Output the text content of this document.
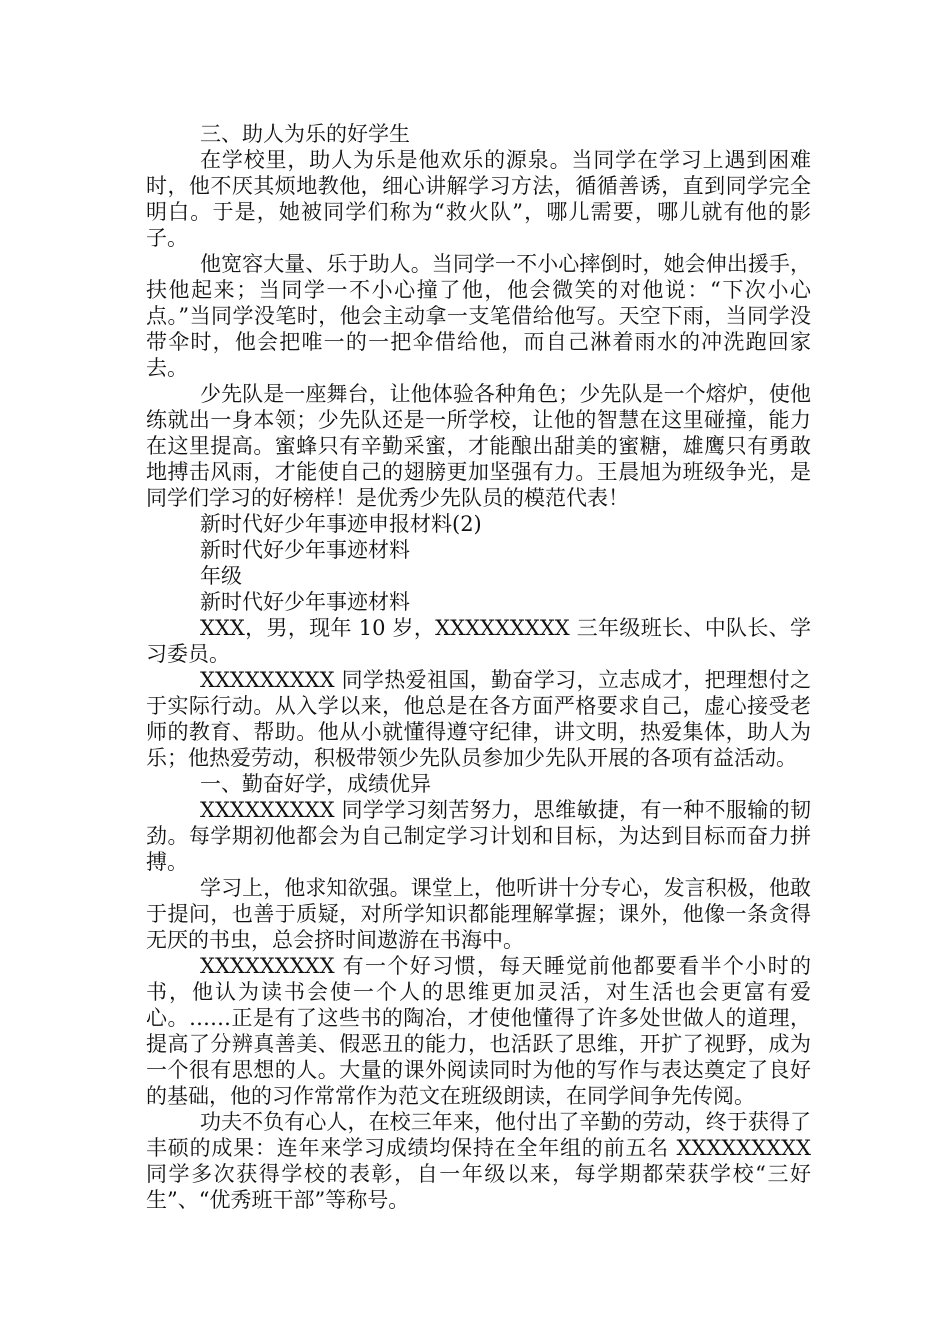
三、助人为乐的好学生

在学校里，助人为乐是他欢乐的源泉。当同学在学习上遇到困难时，他不厌其烦地教他，细心讲解学习方法，循循善诱，直到同学完全明白。于是，她被同学们称为“救火队”，哪儿需要，哪儿就有他的影子。

他宽容大量、乐于助人。当同学一不小心摔倒时，她会伸出援手，扶他起来；当同学一不小心撞了他，他会微笑的对他说：“下次小心点。”当同学没笔时，他会主动拿一支笔借给他写。天空下雨，当同学没带伞时，他会把唯一的一把伞借给他，而自己淋着雨水的冲洗跑回家去。

少先队是一座舞台，让他体验各种角色；少先队是一个熔炉，使他练就出一身本领；少先队还是一所学校，让他的智慧在这里碰撞，能力在这里提高。蜜蜂只有辛勤采蜜，才能酿出甜美的蜜糖，雄鹰只有勇敢地搏击风雨，才能使自己的翅膀更加坚强有力。王晨旭为班级争光，是同学们学习的好榜样！是优秀少先队员的模范代表！

新时代好少年事迹申报材料(2)

新时代好少年事迹材料

年级

新时代好少年事迹材料

XXX，男，现年 10 岁，XXXXXXXXX 三年级班长、中队长、学习委员。

XXXXXXXXX 同学热爱祖国，勤奋学习，立志成才，把理想付之于实际行动。从入学以来，他总是在各方面严格要求自己，虚心接受老师的教育、帮助。他从小就懂得遵守纪律，讲文明，热爱集体，助人为乐；他热爱劳动，积极带领少先队员参加少先队开展的各项有益活动。

一、勤奋好学，成绩优异

XXXXXXXXX 同学学习刻苦努力，思维敏捷，有一种不服输的韧劲。每学期初他都会为自己制定学习计划和目标，为达到目标而奋力拼搏。

学习上，他求知欲强。课堂上，他听讲十分专心，发言积极，他敢于提问，也善于质疑，对所学知识都能理解掌握；课外，他像一条贪得无厌的书虫，总会挤时间遨游在书海中。

XXXXXXXXX 有一个好习惯，每天睡觉前他都要看半个小时的书，他认为读书会使一个人的思维更加灵活，对生活也会更富有爱心。……正是有了这些书的陶冶，才使他懂得了许多处世做人的道理，提高了分辨真善美、假恶丑的能力，也活跃了思维，开扩了视野，成为一个很有思想的人。大量的课外阅读同时为他的写作与表达奠定了良好的基础，他的习作常常作为范文在班级朗读，在同学间争先传阅。

功夫不负有心人，在校三年来，他付出了辛勤的劳动，终于获得了丰硕的成果：连年来学习成绩均保持在全年组的前五名 XXXXXXXXX 同学多次获得学校的表彰，自一年级以来，每学期都荣获学校“三好生”、“优秀班干部”等称号。
